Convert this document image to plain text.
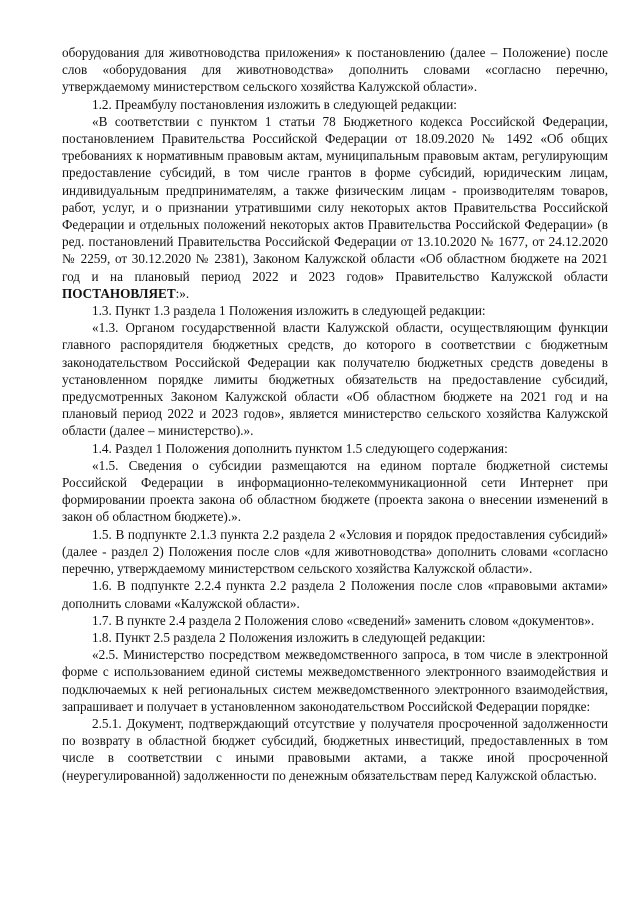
оборудования для животноводства приложения» к постановлению (далее – Положение) после слов «оборудования для животноводства» дополнить словами «согласно перечню, утверждаемому министерством сельского хозяйства Калужской области».

1.2. Преамбулу постановления изложить в следующей редакции:

«В соответствии с пунктом 1 статьи 78 Бюджетного кодекса Российской Федерации, постановлением Правительства Российской Федерации от 18.09.2020 № 1492 «Об общих требованиях к нормативным правовым актам, муниципальным правовым актам, регулирующим предоставление субсидий, в том числе грантов в форме субсидий, юридическим лицам, индивидуальным предпринимателям, а также физическим лицам - производителям товаров, работ, услуг, и о признании утратившими силу некоторых актов Правительства Российской Федерации и отдельных положений некоторых актов Правительства Российской Федерации» (в ред. постановлений Правительства Российской Федерации от 13.10.2020 № 1677, от 24.12.2020 № 2259, от 30.12.2020 № 2381), Законом Калужской области «Об областном бюджете на 2021 год и на плановый период 2022 и 2023 годов» Правительство Калужской области ПОСТАНОВЛЯЕТ:».

1.3. Пункт 1.3 раздела 1 Положения изложить в следующей редакции:

«1.3. Органом государственной власти Калужской области, осуществляющим функции главного распорядителя бюджетных средств, до которого в соответствии с бюджетным законодательством Российской Федерации как получателю бюджетных средств доведены в установленном порядке лимиты бюджетных обязательств на предоставление субсидий, предусмотренных Законом Калужской области «Об областном бюджете на 2021 год и на плановый период 2022 и 2023 годов», является министерство сельского хозяйства Калужской области (далее – министерство).».

1.4. Раздел 1 Положения дополнить пунктом 1.5 следующего содержания:

«1.5. Сведения о субсидии размещаются на едином портале бюджетной системы Российской Федерации в информационно-телекоммуникационной сети Интернет при формировании проекта закона об областном бюджете (проекта закона о внесении изменений в закон об областном бюджете).».

1.5. В подпункте 2.1.3 пункта 2.2 раздела 2 «Условия и порядок предоставления субсидий» (далее - раздел 2) Положения после слов «для животноводства» дополнить словами «согласно перечню, утверждаемому министерством сельского хозяйства Калужской области».

1.6. В подпункте 2.2.4 пункта 2.2 раздела 2 Положения после слов «правовыми актами» дополнить словами «Калужской области».

1.7. В пункте 2.4 раздела 2 Положения слово «сведений» заменить словом «документов».

1.8. Пункт 2.5 раздела 2 Положения изложить в следующей редакции:

«2.5. Министерство посредством межведомственного запроса, в том числе в электронной форме с использованием единой системы межведомственного электронного взаимодействия и подключаемых к ней региональных систем межведомственного электронного взаимодействия, запрашивает и получает в установленном законодательством Российской Федерации порядке:

2.5.1. Документ, подтверждающий отсутствие у получателя просроченной задолженности по возврату в областной бюджет субсидий, бюджетных инвестиций, предоставленных в том числе в соответствии с иными правовыми актами, а также иной просроченной (неурегулированной) задолженности по денежным обязательствам перед Калужской областью.
